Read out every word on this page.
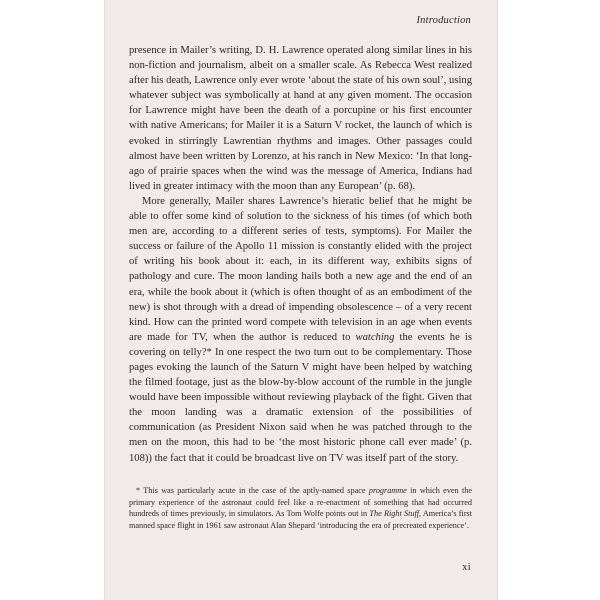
Introduction

presence in Mailer’s writing, D. H. Lawrence operated along similar lines in his non-fiction and journalism, albeit on a smaller scale. As Rebecca West realized after his death, Lawrence only ever wrote ‘about the state of his own soul’, using whatever subject was symbolically at hand at any given moment. The occasion for Lawrence might have been the death of a porcupine or his first encounter with native Americans; for Mailer it is a Saturn V rocket, the launch of which is evoked in stirringly Lawrentian rhythms and images. Other passages could almost have been written by Lorenzo, at his ranch in New Mexico: ‘In that long-ago of prairie spaces when the wind was the message of America, Indians had lived in greater intimacy with the moon than any European’ (p. 68).

More generally, Mailer shares Lawrence’s hieratic belief that he might be able to offer some kind of solution to the sickness of his times (of which both men are, according to a different series of tests, symptoms). For Mailer the success or failure of the Apollo 11 mission is constantly elided with the project of writing his book about it: each, in its different way, exhibits signs of pathology and cure. The moon landing hails both a new age and the end of an era, while the book about it (which is often thought of as an embodiment of the new) is shot through with a dread of impending obsolescence – of a very recent kind. How can the printed word compete with television in an age when events are made for TV, when the author is reduced to watching the events he is covering on telly?* In one respect the two turn out to be complementary. Those pages evoking the launch of the Saturn V might have been helped by watching the filmed footage, just as the blow-by-blow account of the rumble in the jungle would have been impossible without reviewing playback of the fight. Given that the moon landing was a dramatic extension of the possibilities of communication (as President Nixon said when he was patched through to the men on the moon, this had to be ‘the most historic phone call ever made’ (p. 108)) the fact that it could be broadcast live on TV was itself part of the story.

* This was particularly acute in the case of the aptly-named space programme in which even the primary experience of the astronaut could feel like a re-enactment of something that had occurred hundreds of times previously, in simulators. As Tom Wolfe points out in The Right Stuff, America’s first manned space flight in 1961 saw astronaut Alan Shepard ‘introducing the era of precreated experience’.
xi
